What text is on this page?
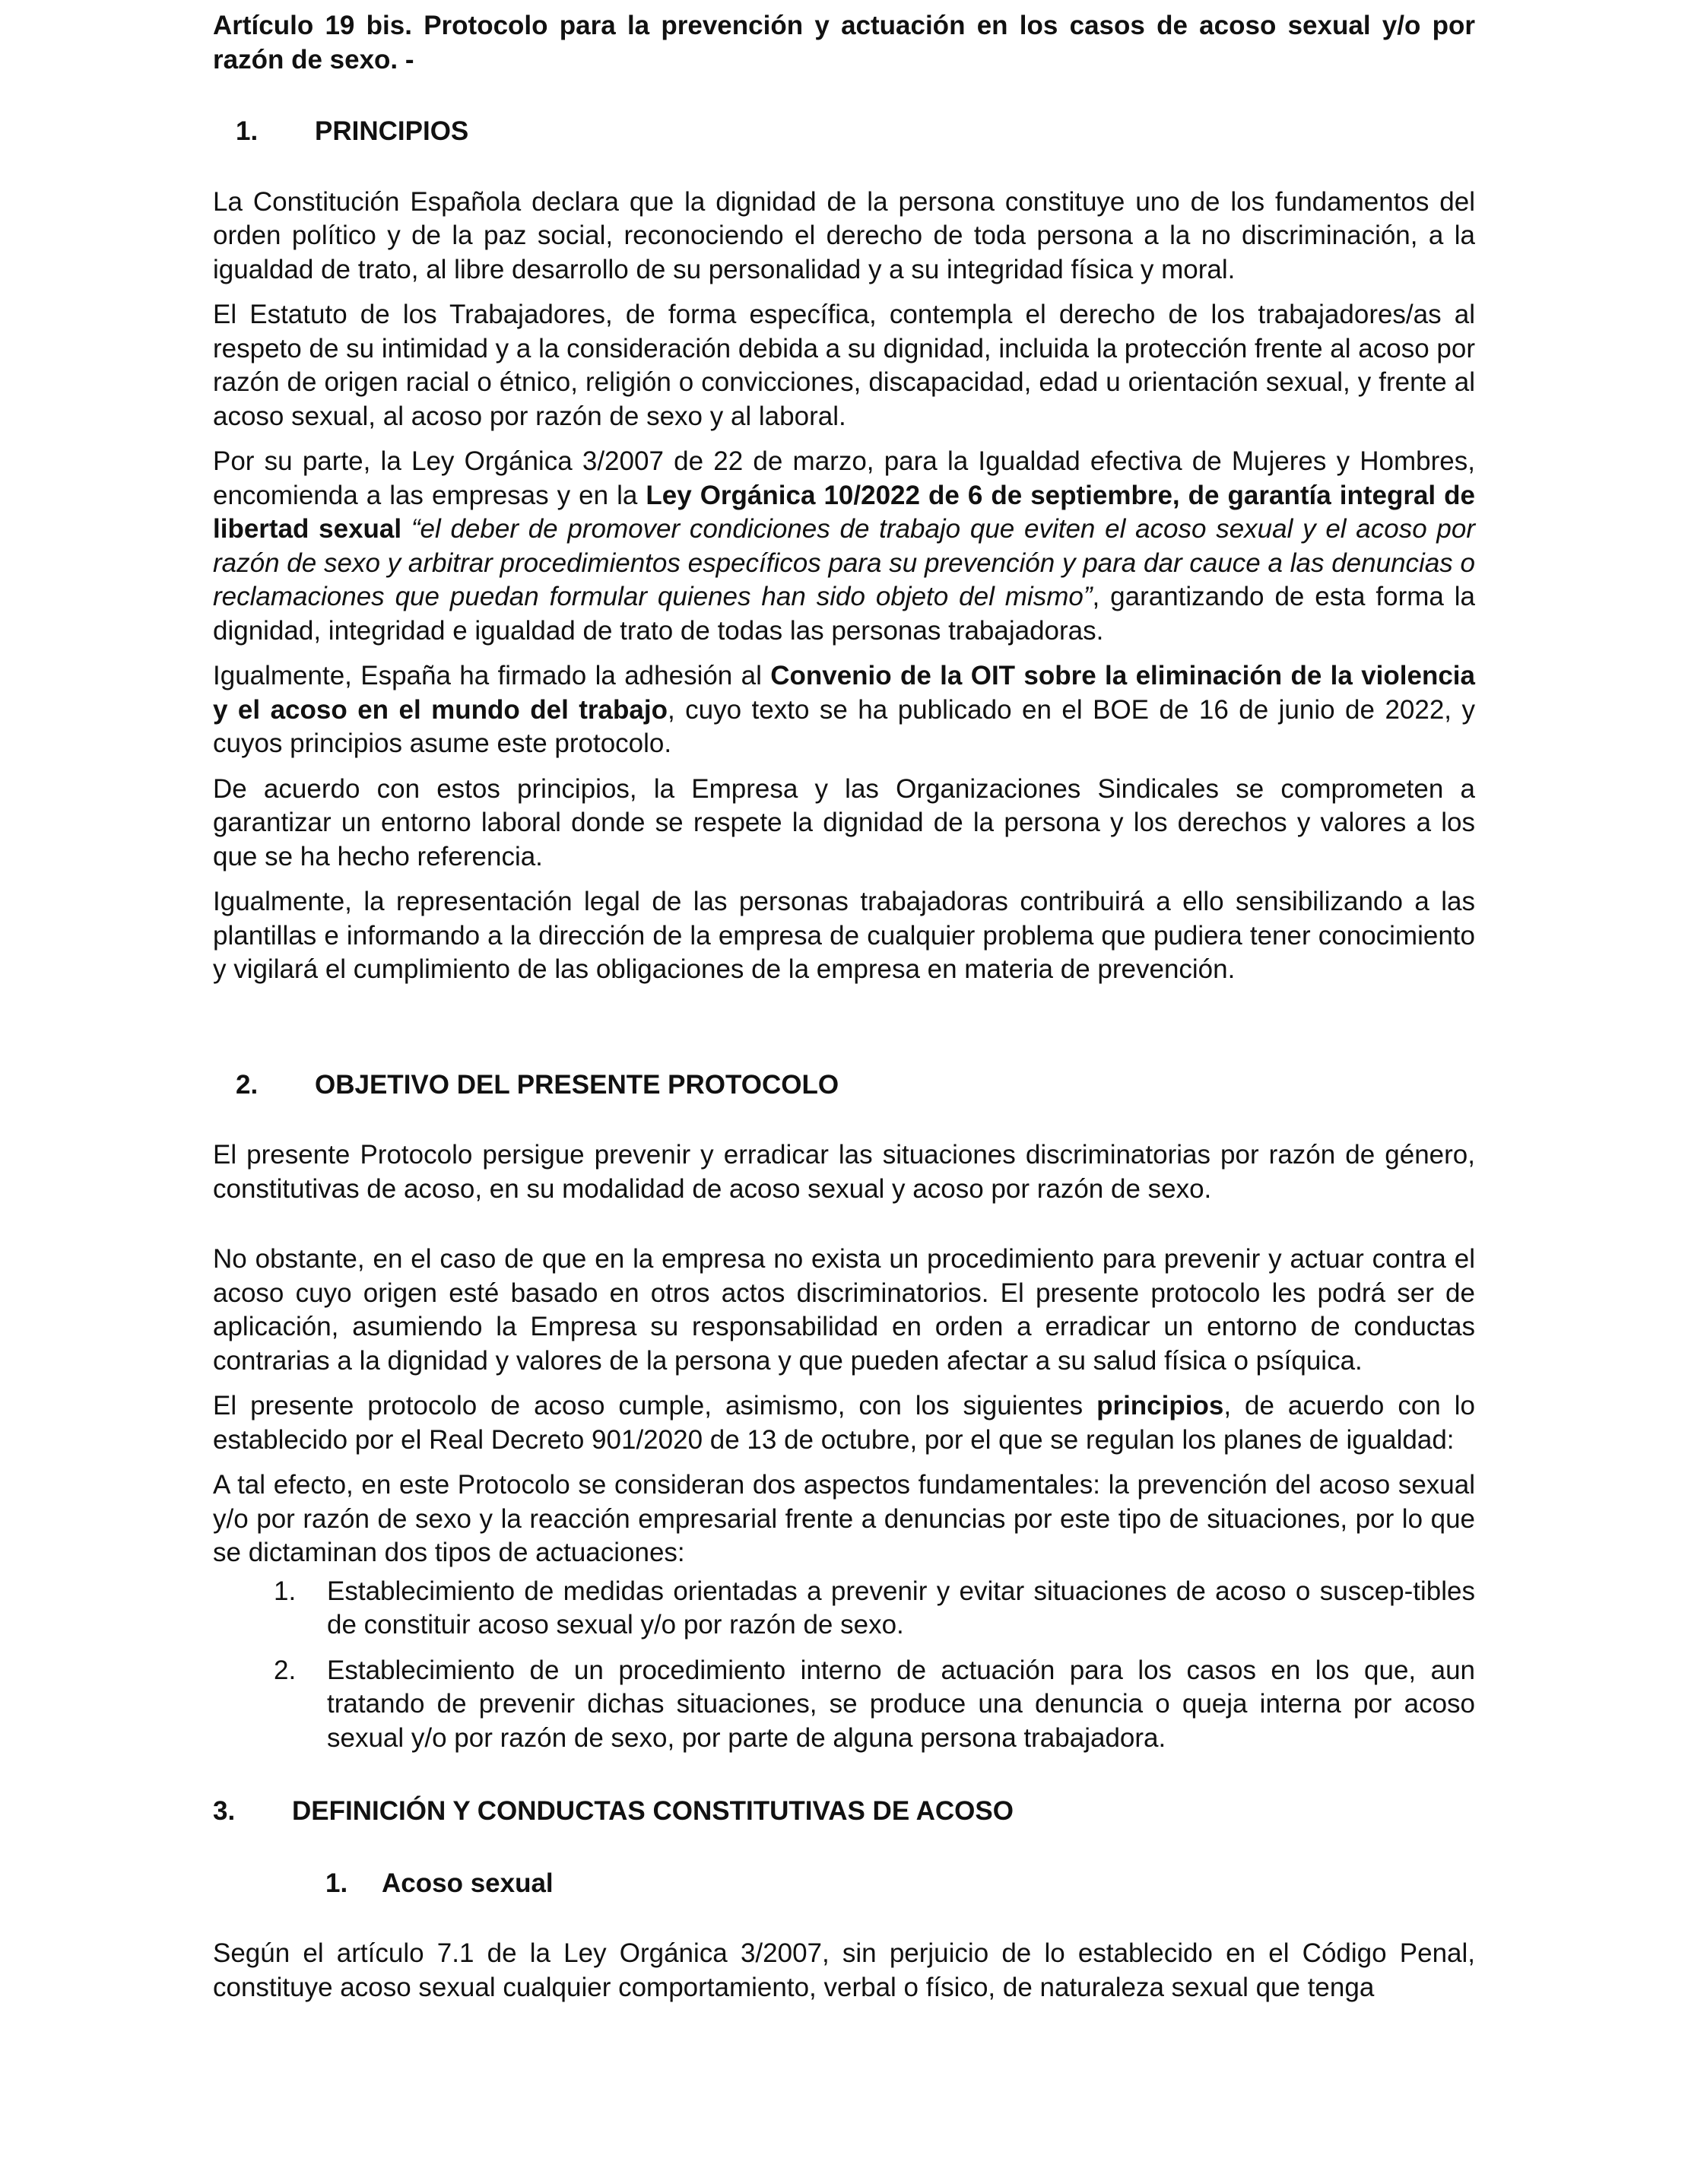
Artículo 19 bis. Protocolo para la prevención y actuación en los casos de acoso sexual y/o por razón de sexo. -

1.	PRINCIPIOS

La Constitución Española declara que la dignidad de la persona constituye uno de los fundamentos del orden político y de la paz social, reconociendo el derecho de toda persona a la no discriminación, a la igualdad de trato, al libre desarrollo de su personalidad y a su integridad física y moral.

El Estatuto de los Trabajadores, de forma específica, contempla el derecho de los trabajadores/as al respeto de su intimidad y a la consideración debida a su dignidad, incluida la protección frente al acoso por razón de origen racial o étnico, religión o convicciones, discapacidad, edad u orientación sexual, y frente al acoso sexual, al acoso por razón de sexo y al laboral.

Por su parte, la Ley Orgánica 3/2007 de 22 de marzo, para la Igualdad efectiva de Mujeres y Hombres, encomienda a las empresas y en la Ley Orgánica 10/2022 de 6 de septiembre, de garantía integral de libertad sexual “el deber de promover condiciones de trabajo que eviten el acoso sexual y el acoso por razón de sexo y arbitrar procedimientos específicos para su prevención y para dar cauce a las denuncias o reclamaciones que puedan formular quienes han sido objeto del mismo”, garantizando de esta forma la dignidad, integridad e igualdad de trato de todas las personas trabajadoras.

Igualmente, España ha firmado la adhesión al Convenio de la OIT sobre la eliminación de la violencia y el acoso en el mundo del trabajo, cuyo texto se ha publicado en el BOE de 16 de junio de 2022, y cuyos principios asume este protocolo.

De acuerdo con estos principios, la Empresa y las Organizaciones Sindicales se comprometen a garantizar un entorno laboral donde se respete la dignidad de la persona y los derechos y valores a los que se ha hecho referencia.

Igualmente, la representación legal de las personas trabajadoras contribuirá a ello sensibilizando a las plantillas e informando a la dirección de la empresa de cualquier problema que pudiera tener conocimiento y vigilará el cumplimiento de las obligaciones de la empresa en materia de prevención.

2.	OBJETIVO DEL PRESENTE PROTOCOLO

El presente Protocolo persigue prevenir y erradicar las situaciones discriminatorias por razón de género, constitutivas de acoso, en su modalidad de acoso sexual y acoso por razón de sexo.

No obstante, en el caso de que en la empresa no exista un procedimiento para prevenir y actuar contra el acoso cuyo origen esté basado en otros actos discriminatorios. El presente protocolo les podrá ser de aplicación, asumiendo la Empresa su responsabilidad en orden a erradicar un entorno de conductas contrarias a la dignidad y valores de la persona y que pueden afectar a su salud física o psíquica.

El presente protocolo de acoso cumple, asimismo, con los siguientes principios, de acuerdo con lo establecido por el Real Decreto 901/2020 de 13 de octubre, por el que se regulan los planes de igualdad:

A tal efecto, en este Protocolo se consideran dos aspectos fundamentales: la prevención del acoso sexual y/o por razón de sexo y la reacción empresarial frente a denuncias por este tipo de situaciones, por lo que se dictaminan dos tipos de actuaciones:

1.	Establecimiento de medidas orientadas a prevenir y evitar situaciones de acoso o suscep-tibles de constituir acoso sexual y/o por razón de sexo.
2.	Establecimiento de un procedimiento interno de actuación para los casos en los que, aun tratando de prevenir dichas situaciones, se produce una denuncia o queja interna por acoso sexual y/o por razón de sexo, por parte de alguna persona trabajadora.
3.	DEFINICIÓN Y CONDUCTAS CONSTITUTIVAS DE ACOSO
1.	Acoso sexual

Según el artículo 7.1 de la Ley Orgánica 3/2007, sin perjuicio de lo establecido en el Código Penal, constituye acoso sexual cualquier comportamiento, verbal o físico, de naturaleza sexual que tenga
